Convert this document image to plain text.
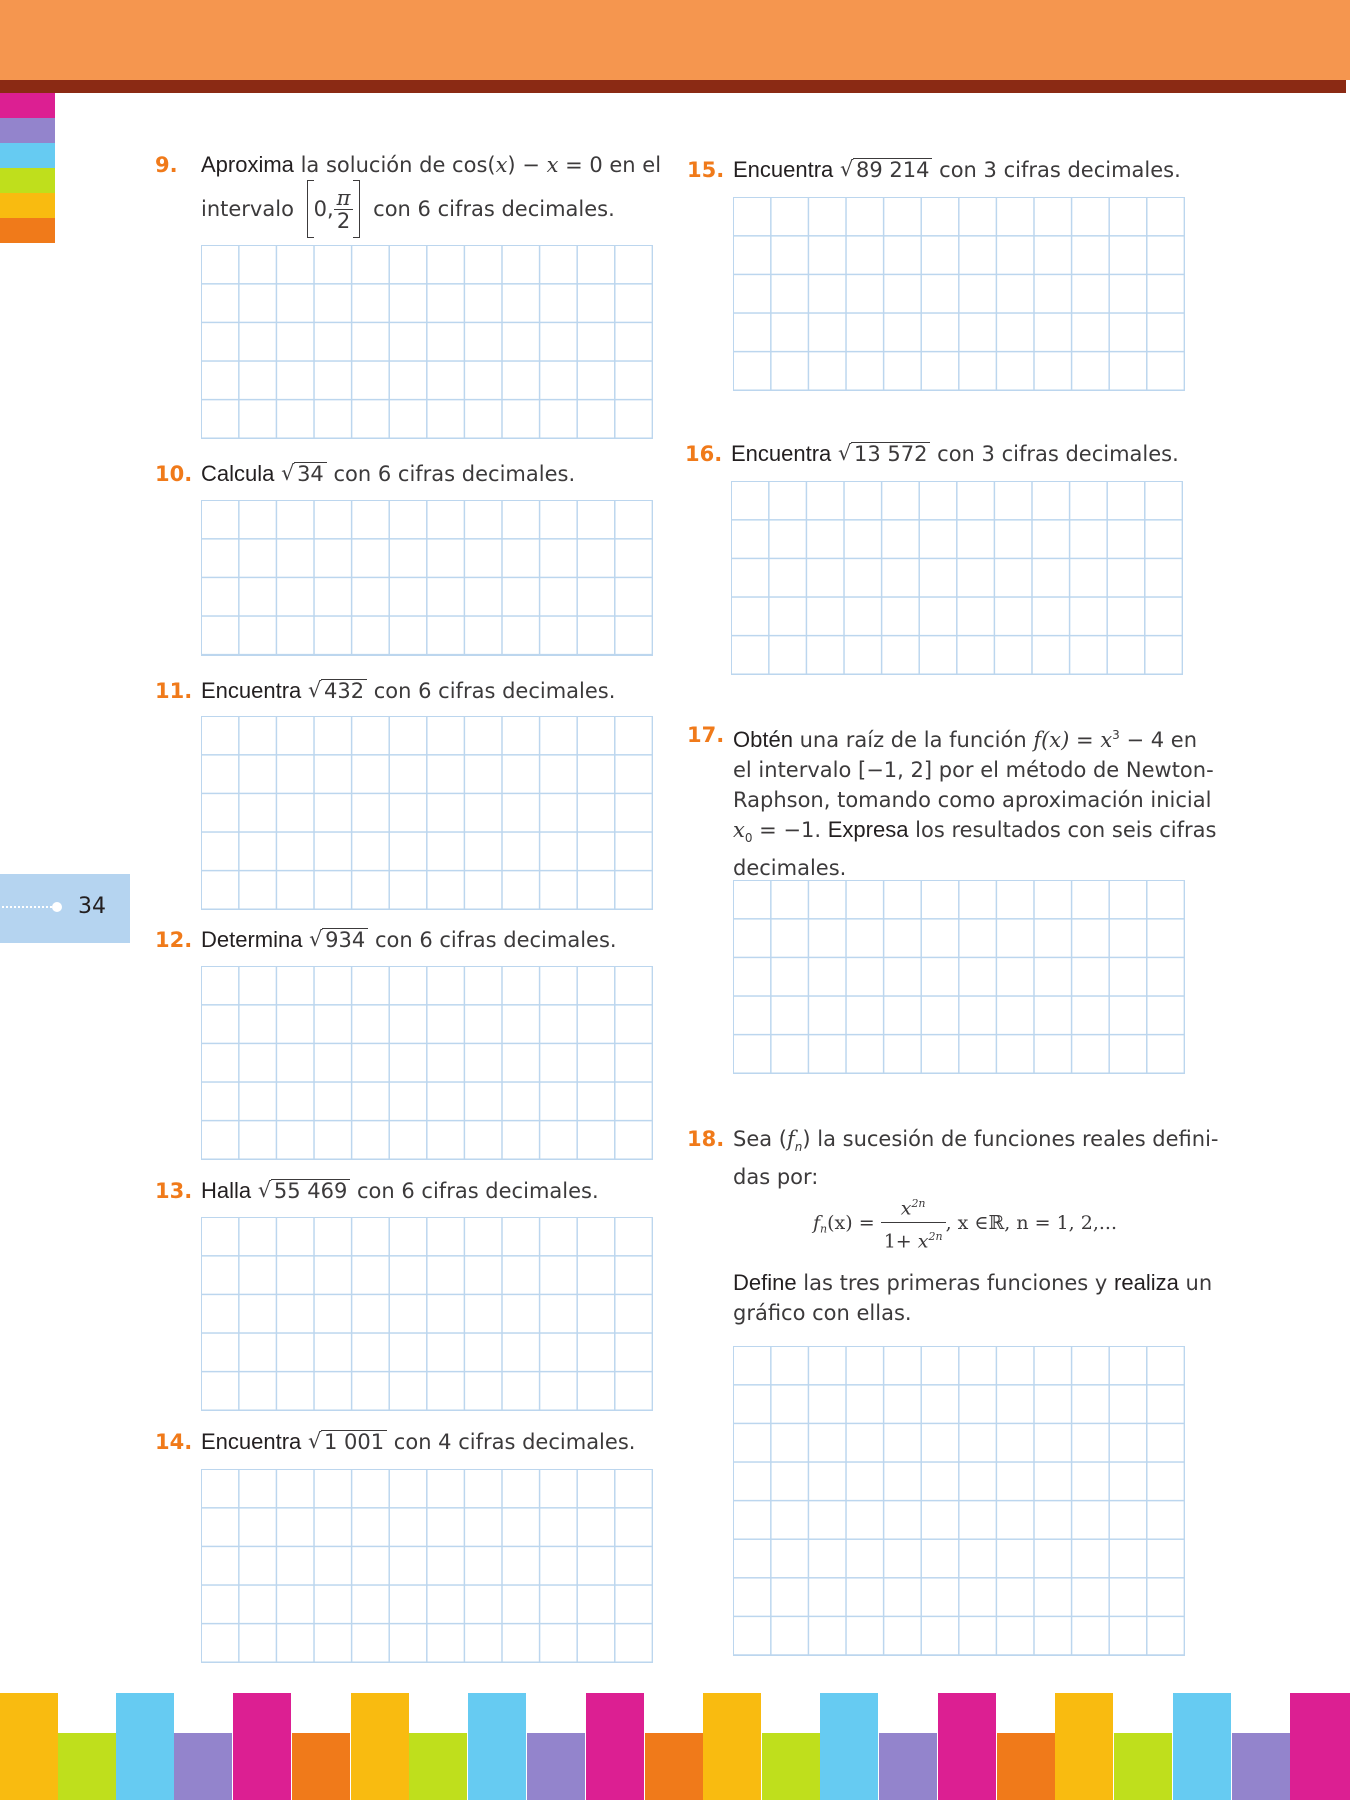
34
9. Aproxima la solución de cos(x) − x = 0 en el
intervalo 0, $\frac{\pi}{2}$ con 6 cifras decimales.
10. Calcula √ 34 con 6 cifras decimales.
11. Encuentra √ 432 con 6 cifras decimales.
12. Determina √ 934 con 6 cifras decimales.
13. Halla √ 55 469 con 6 cifras decimales.
14. Encuentra √ 1 001 con 4 cifras decimales.
15. Encuentra √ 89 214 con 3 cifras decimales.
16. Encuentra √ 13 572 con 3 cifras decimales.
17. Obtén una raíz de la función $f(x) = x^3 - 4$ en
el intervalo [−1, 2] por el método de Newton-
Raphson, tomando como aproximación inicial
$x_0 = -1$. Expresa los resultados con seis cifras
decimales.
18. Sea $(f_n)$ la sucesión de funciones reales defini-
das por:
$f_n(x) = \frac{x^{2n}}{1+ x^{2n}}$ , x ∈ℝ, n = 1, 2,...
Define las tres primeras funciones y realiza un
gráfico con ellas.
